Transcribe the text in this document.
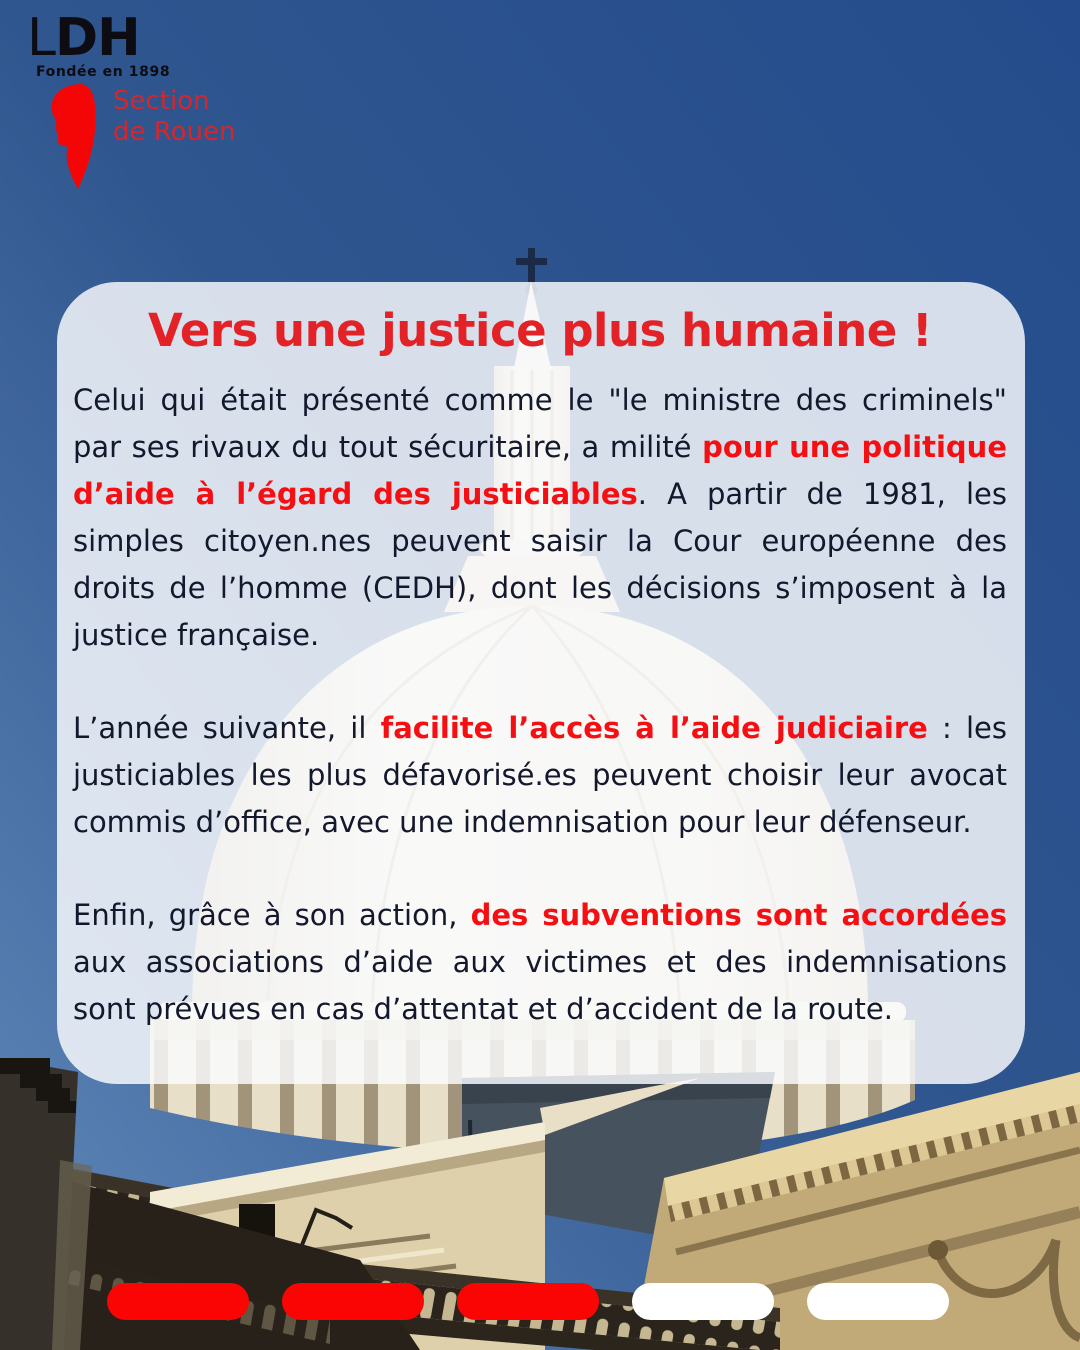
LDH
Fondée en 1898
Section
de Rouen
Vers une justice plus humaine !

Celui qui était présenté comme le "le ministre des criminels" par ses rivaux du tout sécuritaire, a milité pour une politique d’aide à l’égard des justiciables. A partir de 1981, les simples citoyen.nes peuvent saisir la Cour européenne des droits de l’homme (CEDH), dont les décisions s’imposent à la justice française.

L’année suivante, il facilite l’accès à l’aide judiciaire : les justiciables les plus défavorisé.es peuvent choisir leur avocat commis d’office, avec une indemnisation pour leur défenseur.

Enfin, grâce à son action, des subventions sont accordées aux associations d’aide aux victimes et des indemnisations sont prévues en cas d’attentat et d’accident de la route.
